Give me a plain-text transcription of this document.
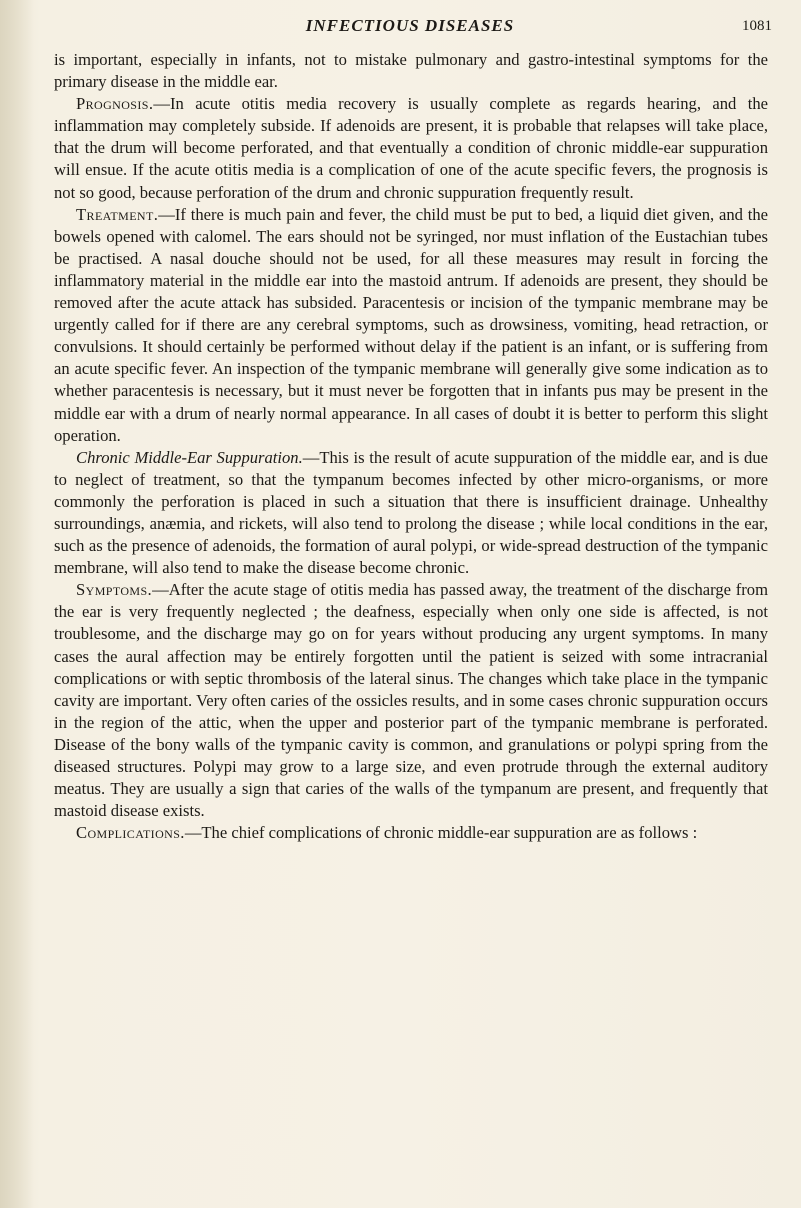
INFECTIOUS DISEASES	1081

is important, especially in infants, not to mistake pulmonary and gastro-intestinal symptoms for the primary disease in the middle ear.

Prognosis.—In acute otitis media recovery is usually complete as regards hearing, and the inflammation may completely subside. If adenoids are present, it is probable that relapses will take place, that the drum will become perforated, and that eventually a condition of chronic middle-ear suppuration will ensue. If the acute otitis media is a complication of one of the acute specific fevers, the prognosis is not so good, because perforation of the drum and chronic suppuration frequently result.

Treatment.—If there is much pain and fever, the child must be put to bed, a liquid diet given, and the bowels opened with calomel. The ears should not be syringed, nor must inflation of the Eustachian tubes be practised. A nasal douche should not be used, for all these measures may result in forcing the inflammatory material in the middle ear into the mastoid antrum. If adenoids are present, they should be removed after the acute attack has subsided. Paracentesis or incision of the tympanic membrane may be urgently called for if there are any cerebral symptoms, such as drowsiness, vomiting, head retraction, or convulsions. It should certainly be performed without delay if the patient is an infant, or is suffering from an acute specific fever. An inspection of the tympanic membrane will generally give some indication as to whether paracentesis is necessary, but it must never be forgotten that in infants pus may be present in the middle ear with a drum of nearly normal appearance. In all cases of doubt it is better to perform this slight operation.

Chronic Middle-Ear Suppuration.—This is the result of acute suppuration of the middle ear, and is due to neglect of treatment, so that the tympanum becomes infected by other micro-organisms, or more commonly the perforation is placed in such a situation that there is insufficient drainage. Unhealthy surroundings, anæmia, and rickets, will also tend to prolong the disease ; while local conditions in the ear, such as the presence of adenoids, the formation of aural polypi, or wide-spread destruction of the tympanic membrane, will also tend to make the disease become chronic.

Symptoms.—After the acute stage of otitis media has passed away, the treatment of the discharge from the ear is very frequently neglected ; the deafness, especially when only one side is affected, is not troublesome, and the discharge may go on for years without producing any urgent symptoms. In many cases the aural affection may be entirely forgotten until the patient is seized with some intracranial complications or with septic thrombosis of the lateral sinus. The changes which take place in the tympanic cavity are important. Very often caries of the ossicles results, and in some cases chronic suppuration occurs in the region of the attic, when the upper and posterior part of the tympanic membrane is perforated. Disease of the bony walls of the tympanic cavity is common, and granulations or polypi spring from the diseased structures. Polypi may grow to a large size, and even protrude through the external auditory meatus. They are usually a sign that caries of the walls of the tympanum are present, and frequently that mastoid disease exists.

Complications.—The chief complications of chronic middle-ear suppuration are as follows :
